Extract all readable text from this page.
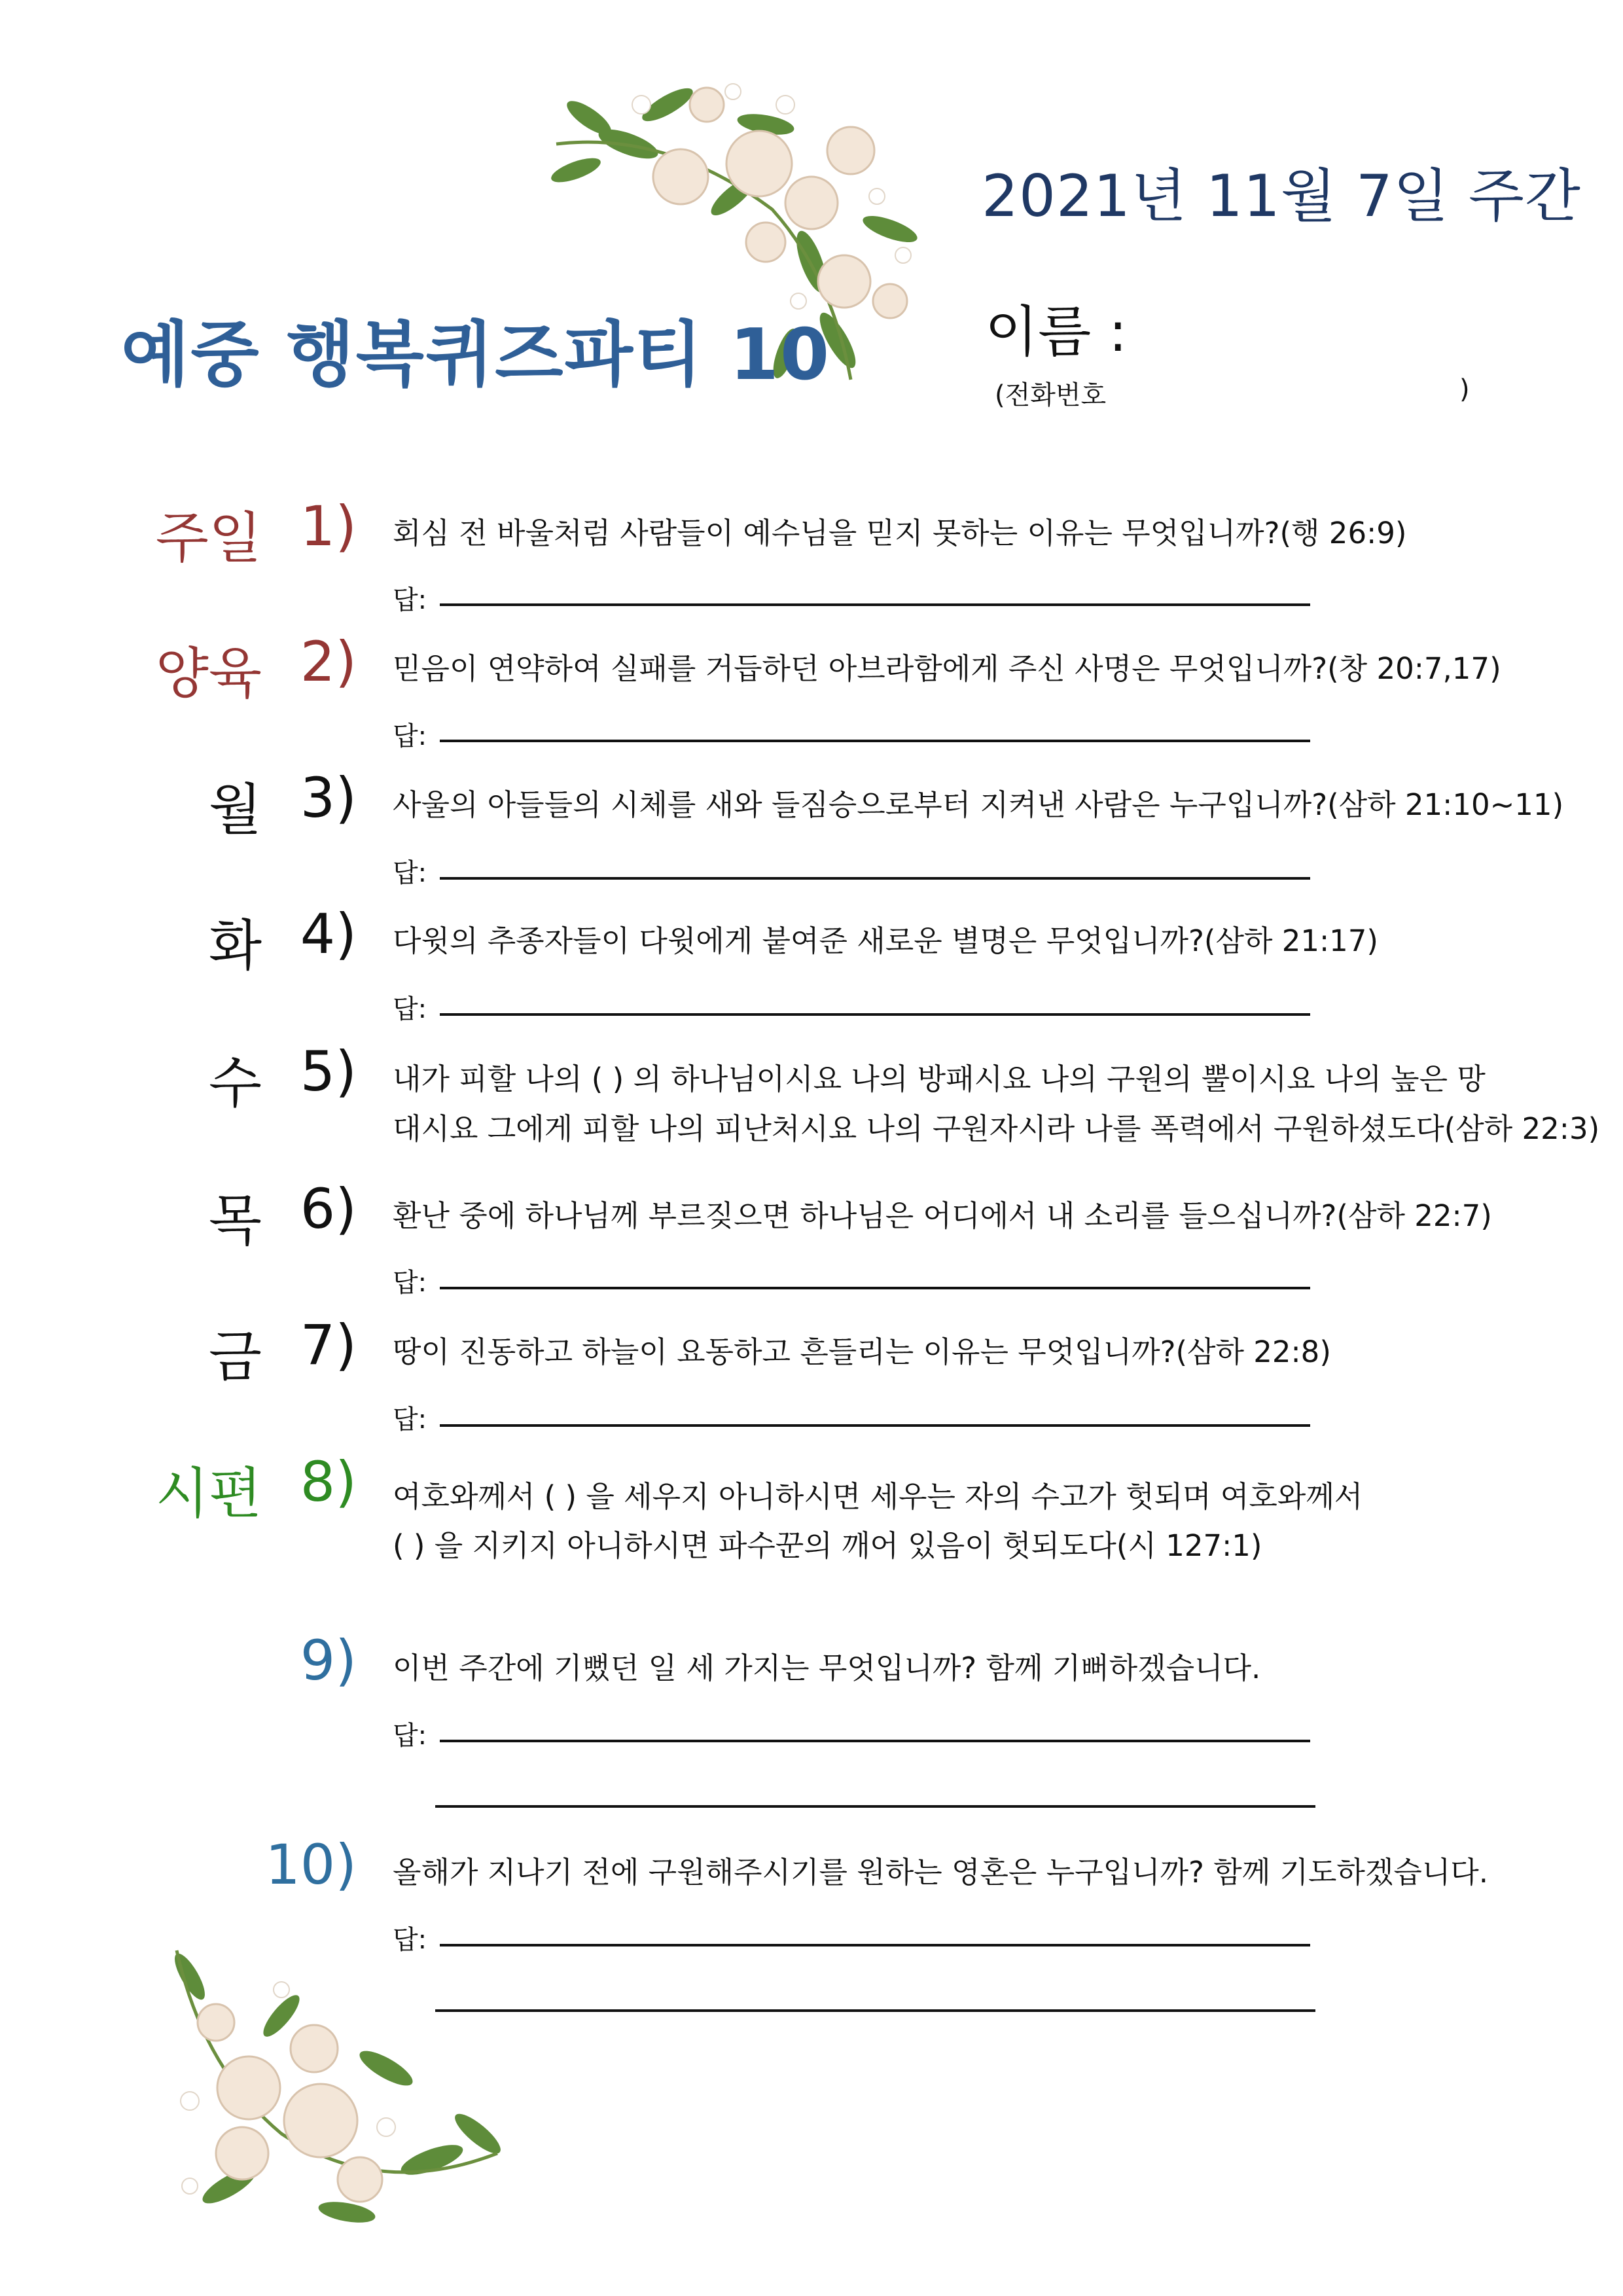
예중 행복퀴즈파티 10
2021년 11월 7일 주간
이름 :
(전화번호	)
주일 1) 회심 전 바울처럼 사람들이 예수님을 믿지 못하는 이유는 무엇입니까?(행 26:9)
답:
양육 2) 믿음이 연약하여 실패를 거듭하던 아브라함에게 주신 사명은 무엇입니까?(창 20:7,17)
답:
월 3) 사울의 아들들의 시체를 새와 들짐승으로부터 지켜낸 사람은 누구입니까?(삼하 21:10~11)
답:
화 4) 다윗의 추종자들이 다윗에게 붙여준 새로운 별명은 무엇입니까?(삼하 21:17)
답:
수 5) 내가 피할 나의 ( ) 의 하나님이시요 나의 방패시요 나의 구원의 뿔이시요 나의 높은 망
대시요 그에게 피할 나의 피난처시요 나의 구원자시라 나를 폭력에서 구원하셨도다(삼하 22:3)
목 6) 환난 중에 하나님께 부르짖으면 하나님은 어디에서 내 소리를 들으십니까?(삼하 22:7)
답:
금 7) 땅이 진동하고 하늘이 요동하고 흔들리는 이유는 무엇입니까?(삼하 22:8)
답:
시편 8) 여호와께서 ( ) 을 세우지 아니하시면 세우는 자의 수고가 헛되며 여호와께서
( ) 을 지키지 아니하시면 파수꾼의 깨어 있음이 헛되도다(시 127:1)
9) 이번 주간에 기뻤던 일 세 가지는 무엇입니까? 함께 기뻐하겠습니다.
답:
10) 올해가 지나기 전에 구원해주시기를 원하는 영혼은 누구입니까? 함께 기도하겠습니다.
답:
